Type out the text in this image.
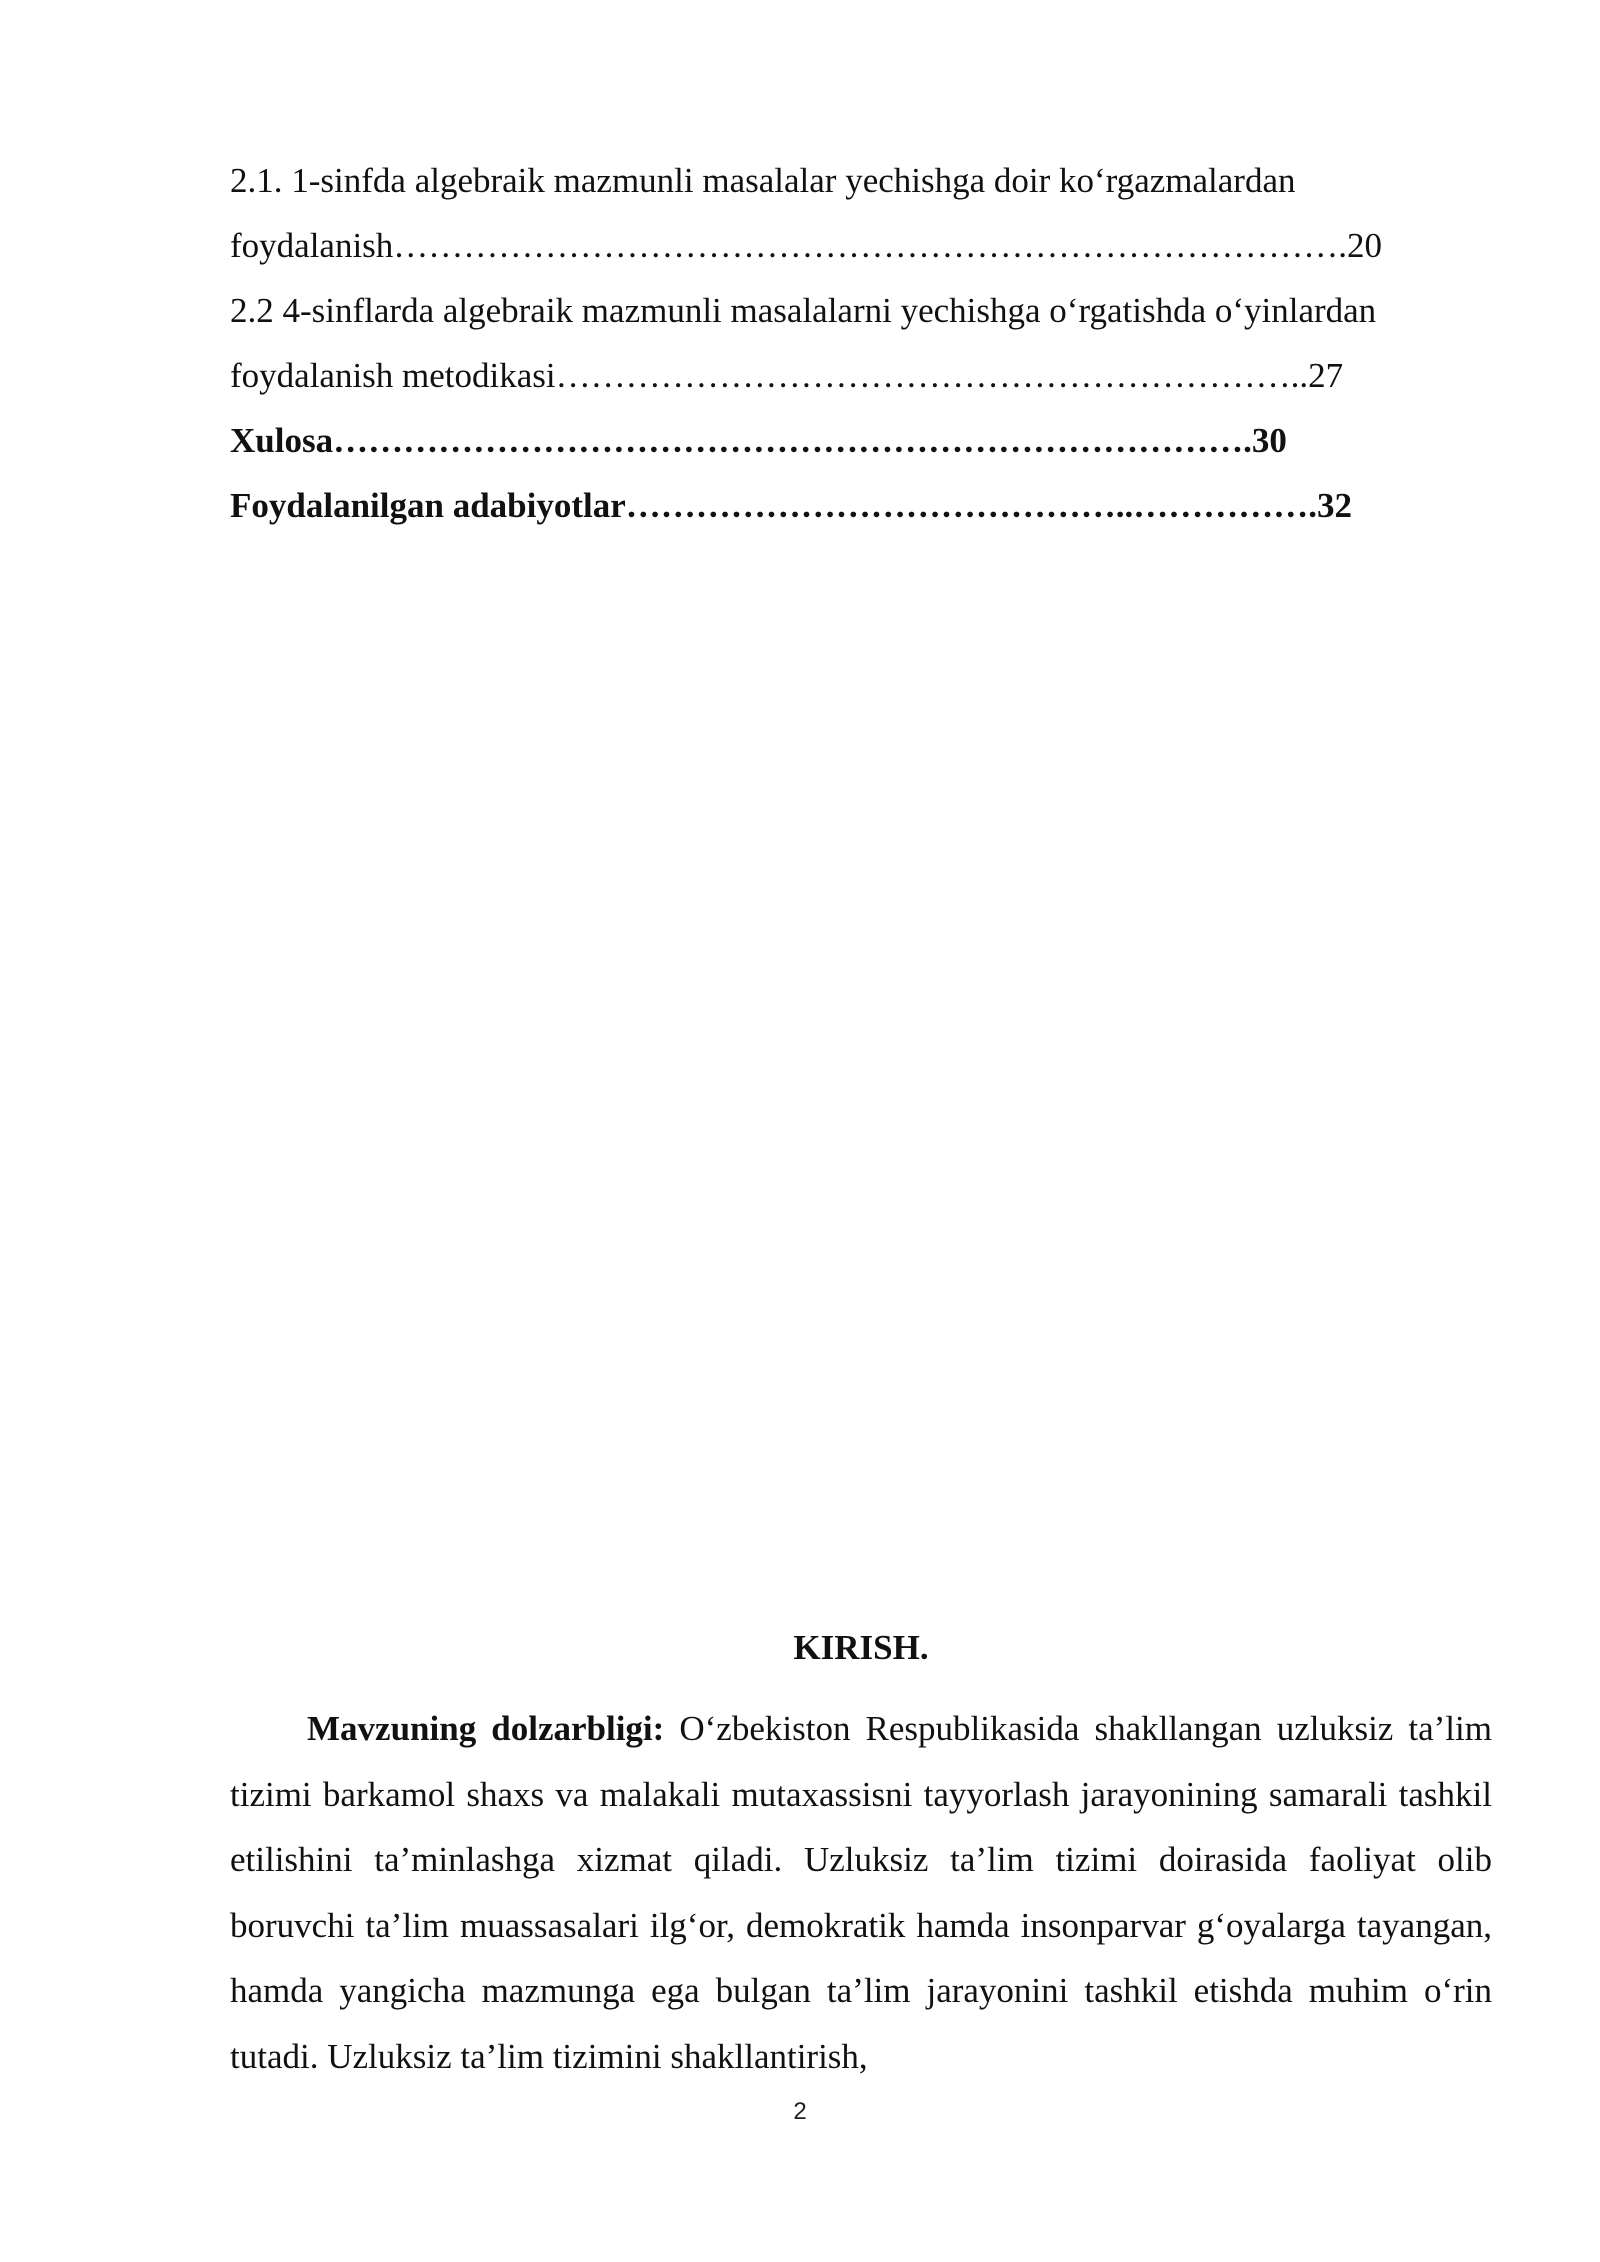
2.1. 1-sinfda algebraik mazmunli masalalar yechishga doir ko‘rgazmalardan
foydalanish……………………………………………………………………….20
2.2 4-sinflarda algebraik mazmunli masalalarni yechishga o‘rgatishda o‘yinlardan
foydalanish metodikasi………………………………………………………..27
Xulosa…………………………………………………………………….30
Foydalanilgan adabiyotlar……………………………………..…………….32
KIRISH.

Mavzuning dolzarbligi: O‘zbekiston Respublikasida shakllangan uzluksiz ta’lim tizimi barkamol shaxs va malakali mutaxassisni tayyorlash jarayonining samarali tashkil etilishini ta’minlashga xizmat qiladi. Uzluksiz ta’lim tizimi doirasida faoliyat olib boruvchi ta’lim muassasalari ilg‘or, demokratik hamda insonparvar g‘oyalarga tayangan, hamda yangicha mazmunga ega bulgan ta’lim jarayonini tashkil etishda muhim o‘rin tutadi. Uzluksiz ta’lim tizimini shakllantirish,

2
